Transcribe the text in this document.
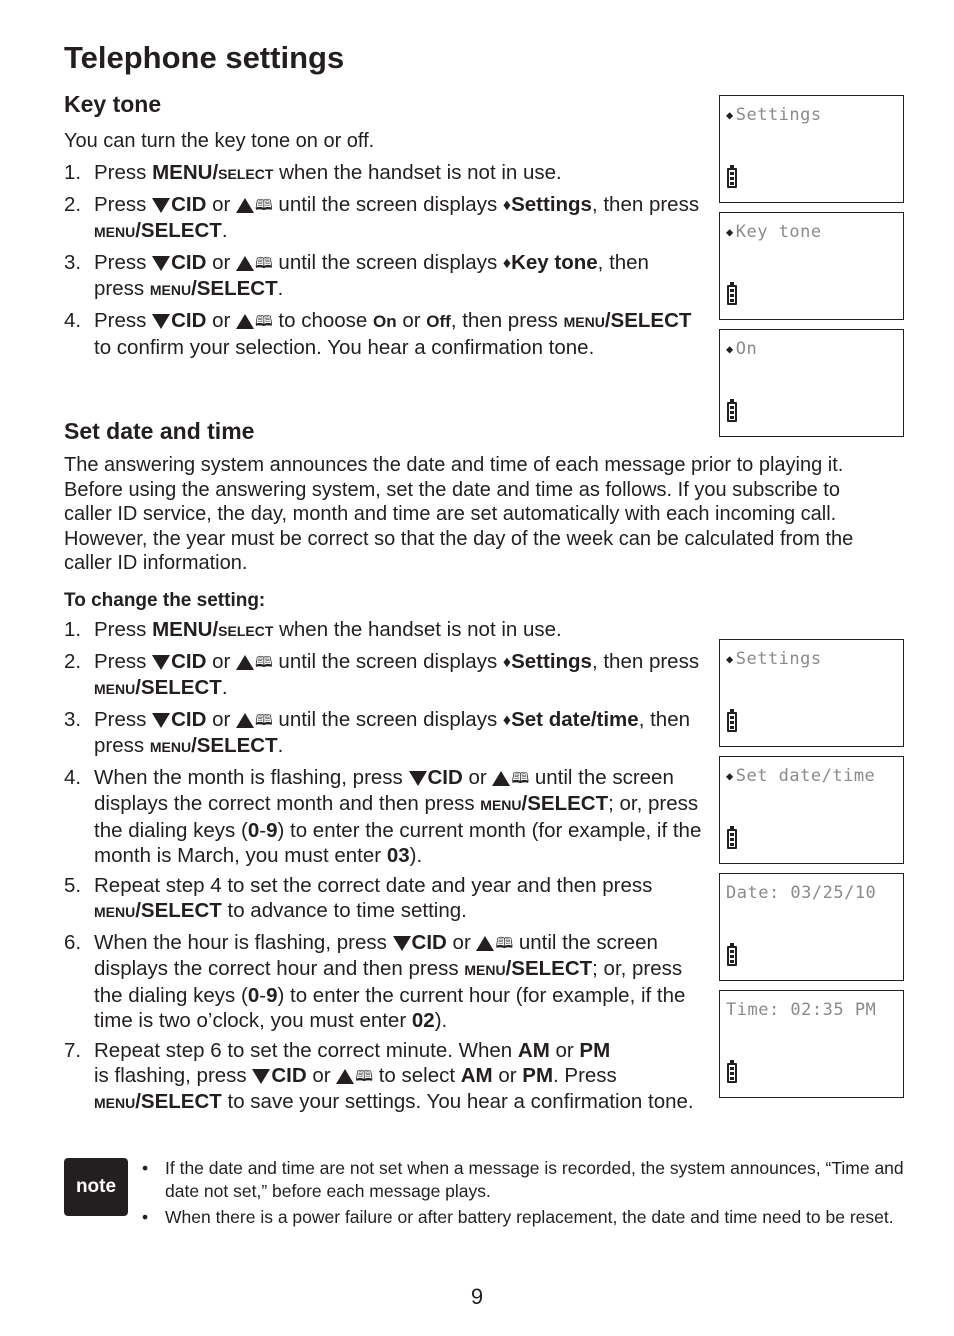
Telephone settings
Key tone

You can turn the key tone on or off.

1. Press MENU/SELECT when the handset is not in use.
2. Press CID or 🕮 until the screen displays ♦Settings, then press MENU/SELECT.
3. Press CID or 🕮 until the screen displays ♦Key tone, then press MENU/SELECT.
4. Press CID or 🕮 to choose On or Off, then press MENU/SELECT to confirm your selection. You hear a confirmation tone.
Set date and time

The answering system announces the date and time of each message prior to playing it. Before using the answering system, set the date and time as follows. If you subscribe to caller ID service, the day, month and time are set automatically with each incoming call. However, the year must be correct so that the day of the week can be calculated from the caller ID information.

To change the setting:

1. Press MENU/SELECT when the handset is not in use.
2. Press CID or 🕮 until the screen displays ♦Settings, then press MENU/SELECT.
3. Press CID or 🕮 until the screen displays ♦Set date/time, then press MENU/SELECT.
4. When the month is flashing, press CID or 🕮 until the screen displays the correct month and then press MENU/SELECT; or, press the dialing keys (0-9) to enter the current month (for example, if the month is March, you must enter 03).
5. Repeat step 4 to set the correct date and year and then press MENU/SELECT to advance to time setting.
6. When the hour is flashing, press CID or 🕮 until the screen displays the correct hour and then press MENU/SELECT; or, press the dialing keys (0-9) to enter the current hour (for example, if the time is two o’clock, you must enter 02).
7. Repeat step 6 to set the correct minute. When AM or PM
is flashing, press CID or 🕮 to select AM or PM. Press
MENU/SELECT to save your settings. You hear a confirmation tone.
◆ Settings
◆ Key tone
◆ On
◆ Settings
◆ Set date/time
Date: 03/25/10
Time: 02:35 PM
note
• If the date and time are not set when a message is recorded, the system announces, “Time and date not set,” before each message plays.
• When there is a power failure or after battery replacement, the date and time need to be reset.
9
